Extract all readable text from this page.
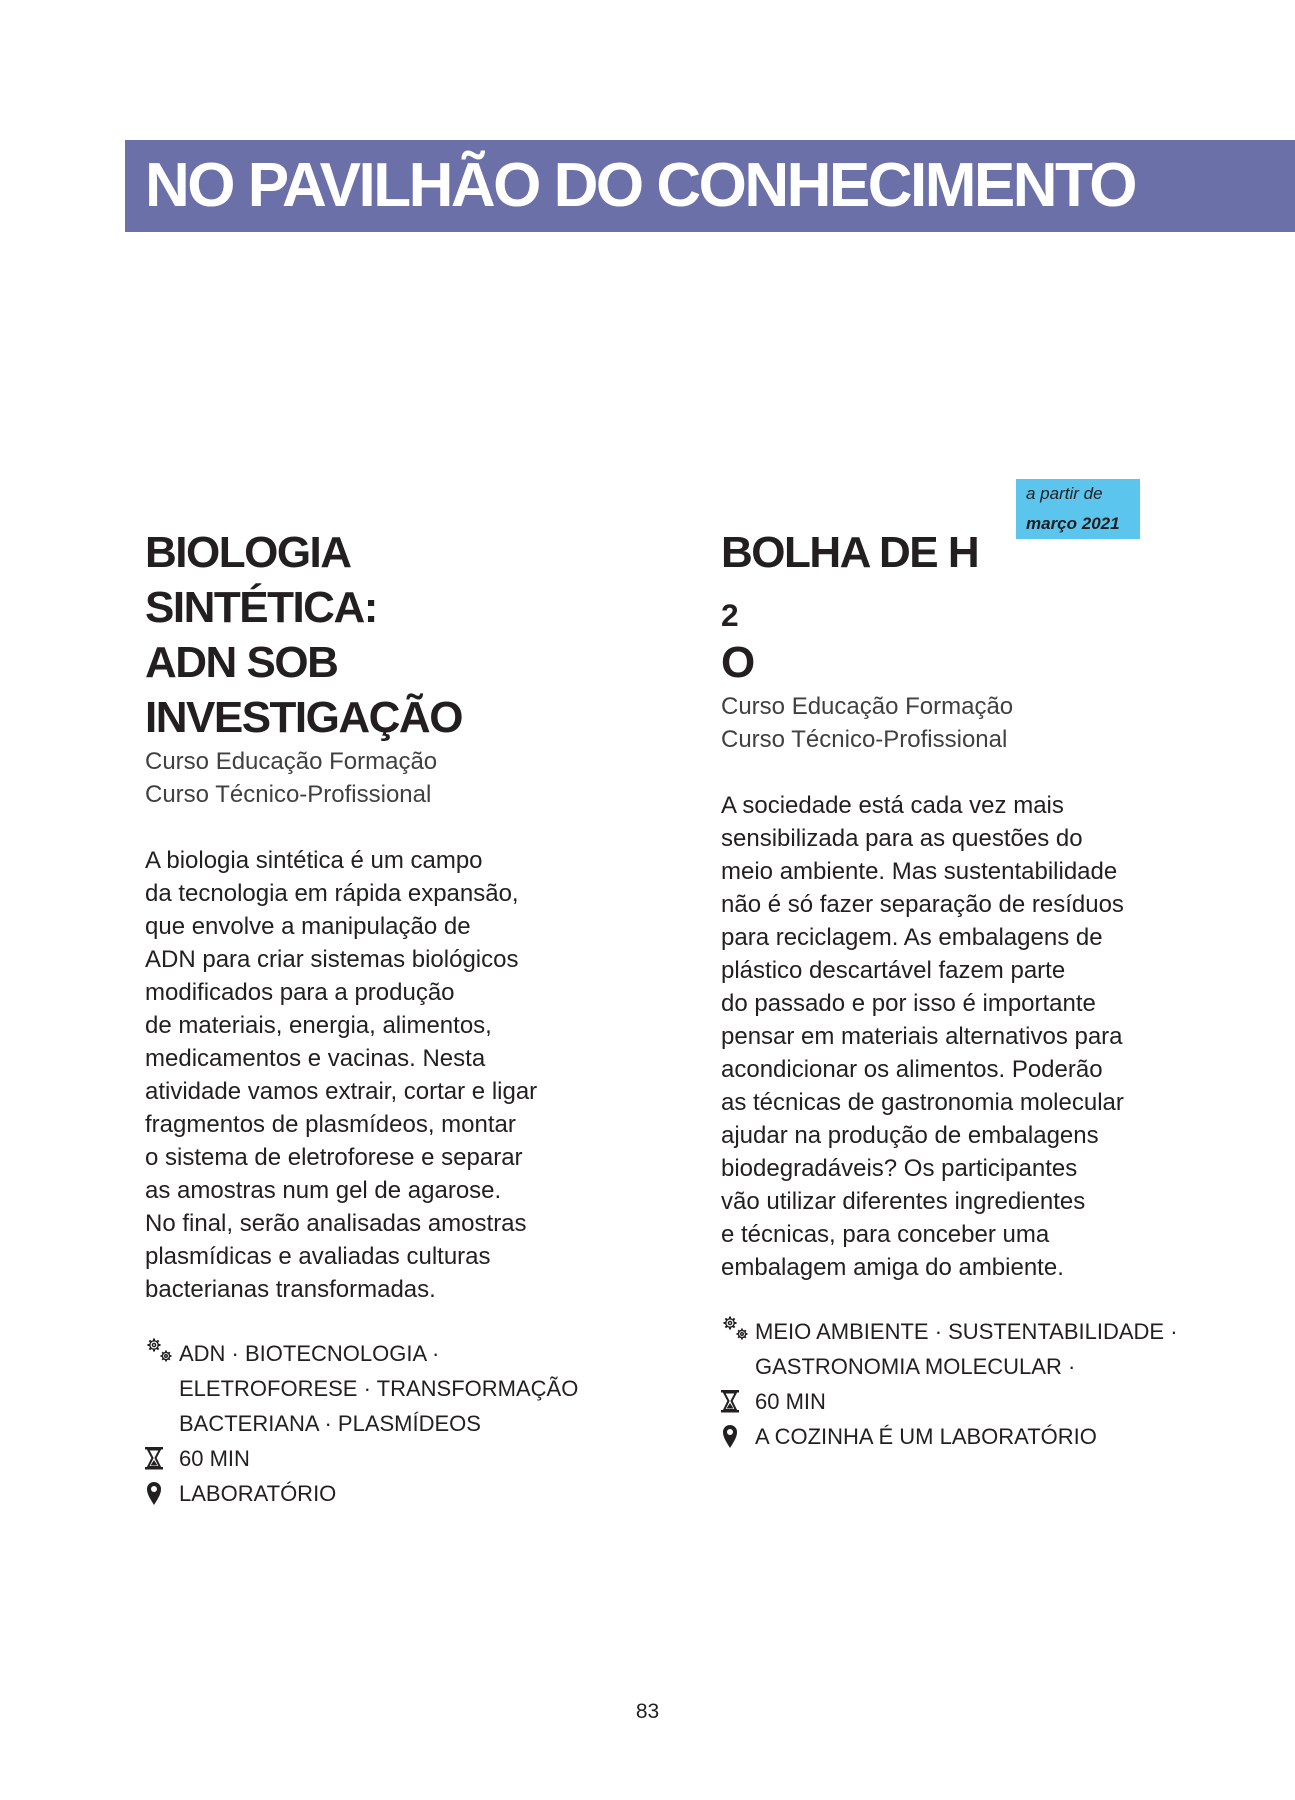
NO PAVILHÃO DO CONHECIMENTO
BIOLOGIA
SINTÉTICA:
ADN SOB
INVESTIGAÇÃO
Curso Educação Formação
Curso Técnico-Profissional
A biologia sintética é um campo
da tecnologia em rápida expansão,
que envolve a manipulação de
ADN para criar sistemas biológicos
modificados para a produção
de materiais, energia, alimentos,
medicamentos e vacinas. Nesta
atividade vamos extrair, cortar e ligar
fragmentos de plasmídeos, montar
o sistema de eletroforese e separar
as amostras num gel de agarose.
No final, serão analisadas amostras
plasmídicas e avaliadas culturas
bacterianas transformadas.
ADN · BIOTECNOLOGIA ·
ELETROFORESE · TRANSFORMAÇÃO
BACTERIANA · PLASMÍDEOS
60 MIN
LABORATÓRIO
a partir de
março 2021
BOLHA DE H
2
O
Curso Educação Formação
Curso Técnico-Profissional
A sociedade está cada vez mais
sensibilizada para as questões do
meio ambiente. Mas sustentabilidade
não é só fazer separação de resíduos
para reciclagem. As embalagens de
plástico descartável fazem parte
do passado e por isso é importante
pensar em materiais alternativos para
acondicionar os alimentos. Poderão
as técnicas de gastronomia molecular
ajudar na produção de embalagens
biodegradáveis? Os participantes
vão utilizar diferentes ingredientes
e técnicas, para conceber uma
embalagem amiga do ambiente.
MEIO AMBIENTE · SUSTENTABILIDADE ·
GASTRONOMIA MOLECULAR ·
60 MIN
A COZINHA É UM LABORATÓRIO
83
